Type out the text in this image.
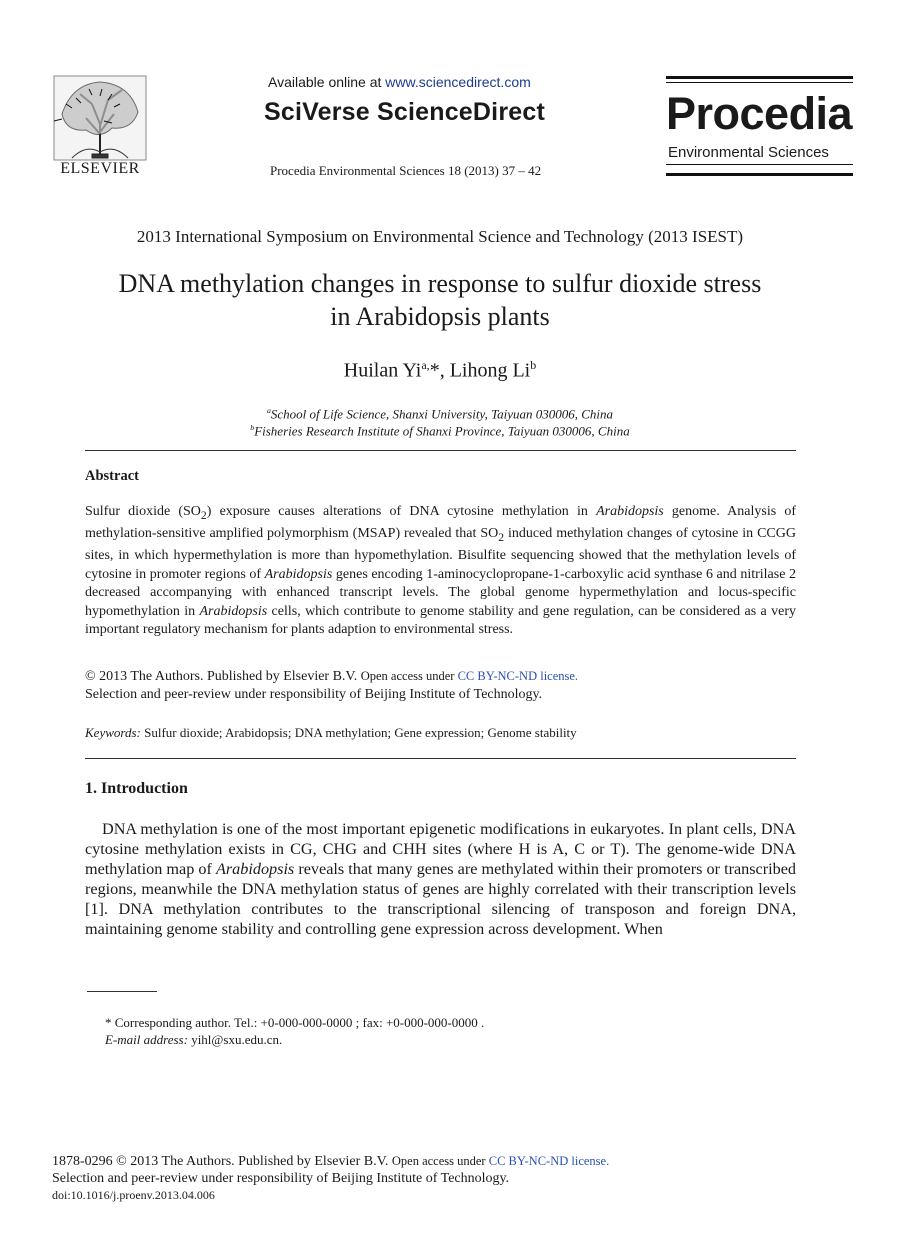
ELSEVIER
Available online at www.sciencedirect.com
SciVerse ScienceDirect
Procedia Environmental Sciences 18 (2013) 37 – 42
Procedia
Environmental Sciences
2013 International Symposium on Environmental Science and Technology (2013 ISEST)
DNA methylation changes in response to sulfur dioxide stress
in Arabidopsis plants
Huilan $Yi^{a,}*$, Lihong Li$^b$
$^a$School of Life Science, Shanxi University, Taiyuan 030006, China
$^b$Fisheries Research Institute of Shanxi Province, Taiyuan 030006, China
Abstract
Sulfur dioxide $(SO_2)$ exposure causes alterations of DNA cytosine methylation in Arabidopsis genome. Analysis of methylation-sensitive amplified polymorphism (MSAP) revealed that $SO_2$ induced methylation changes of cytosine in CCGG sites, in which hypermethylation is more than hypomethylation. Bisulfite sequencing showed that the methylation levels of cytosine in promoter regions of Arabidopsis genes encoding 1-aminocyclopropane-1-carboxylic acid synthase 6 and nitrilase 2 decreased accompanying with enhanced transcript levels. The global genome hypermethylation and locus-specific hypomethylation in Arabidopsis cells, which contribute to genome stability and gene regulation, can be considered as a very important regulatory mechanism for plants adaption to environmental stress.
© 2013 The Authors. Published by Elsevier B.V. Open access under CC BY-NC-ND license.
Selection and peer-review under responsibility of Beijing Institute of Technology.
Keywords: Sulfur dioxide; Arabidopsis; DNA methylation; Gene expression; Genome stability
1. Introduction
DNA methylation is one of the most important epigenetic modifications in eukaryotes. In plant cells, DNA cytosine methylation exists in CG, CHG and CHH sites (where H is A, C or T). The genome-wide DNA methylation map of Arabidopsis reveals that many genes are methylated within their promoters or transcribed regions, meanwhile the DNA methylation status of genes are highly correlated with their transcription levels [1]. DNA methylation contributes to the transcriptional silencing of transposon and foreign DNA, maintaining genome stability and controlling gene expression across development. When
* Corresponding author. Tel.: +0-000-000-0000 ; fax: +0-000-000-0000 .
E-mail address: yihl@sxu.edu.cn.
1878-0296 © 2013 The Authors. Published by Elsevier B.V. Open access under CC BY-NC-ND license.
Selection and peer-review under responsibility of Beijing Institute of Technology.
doi:10.1016/j.proenv.2013.04.006
